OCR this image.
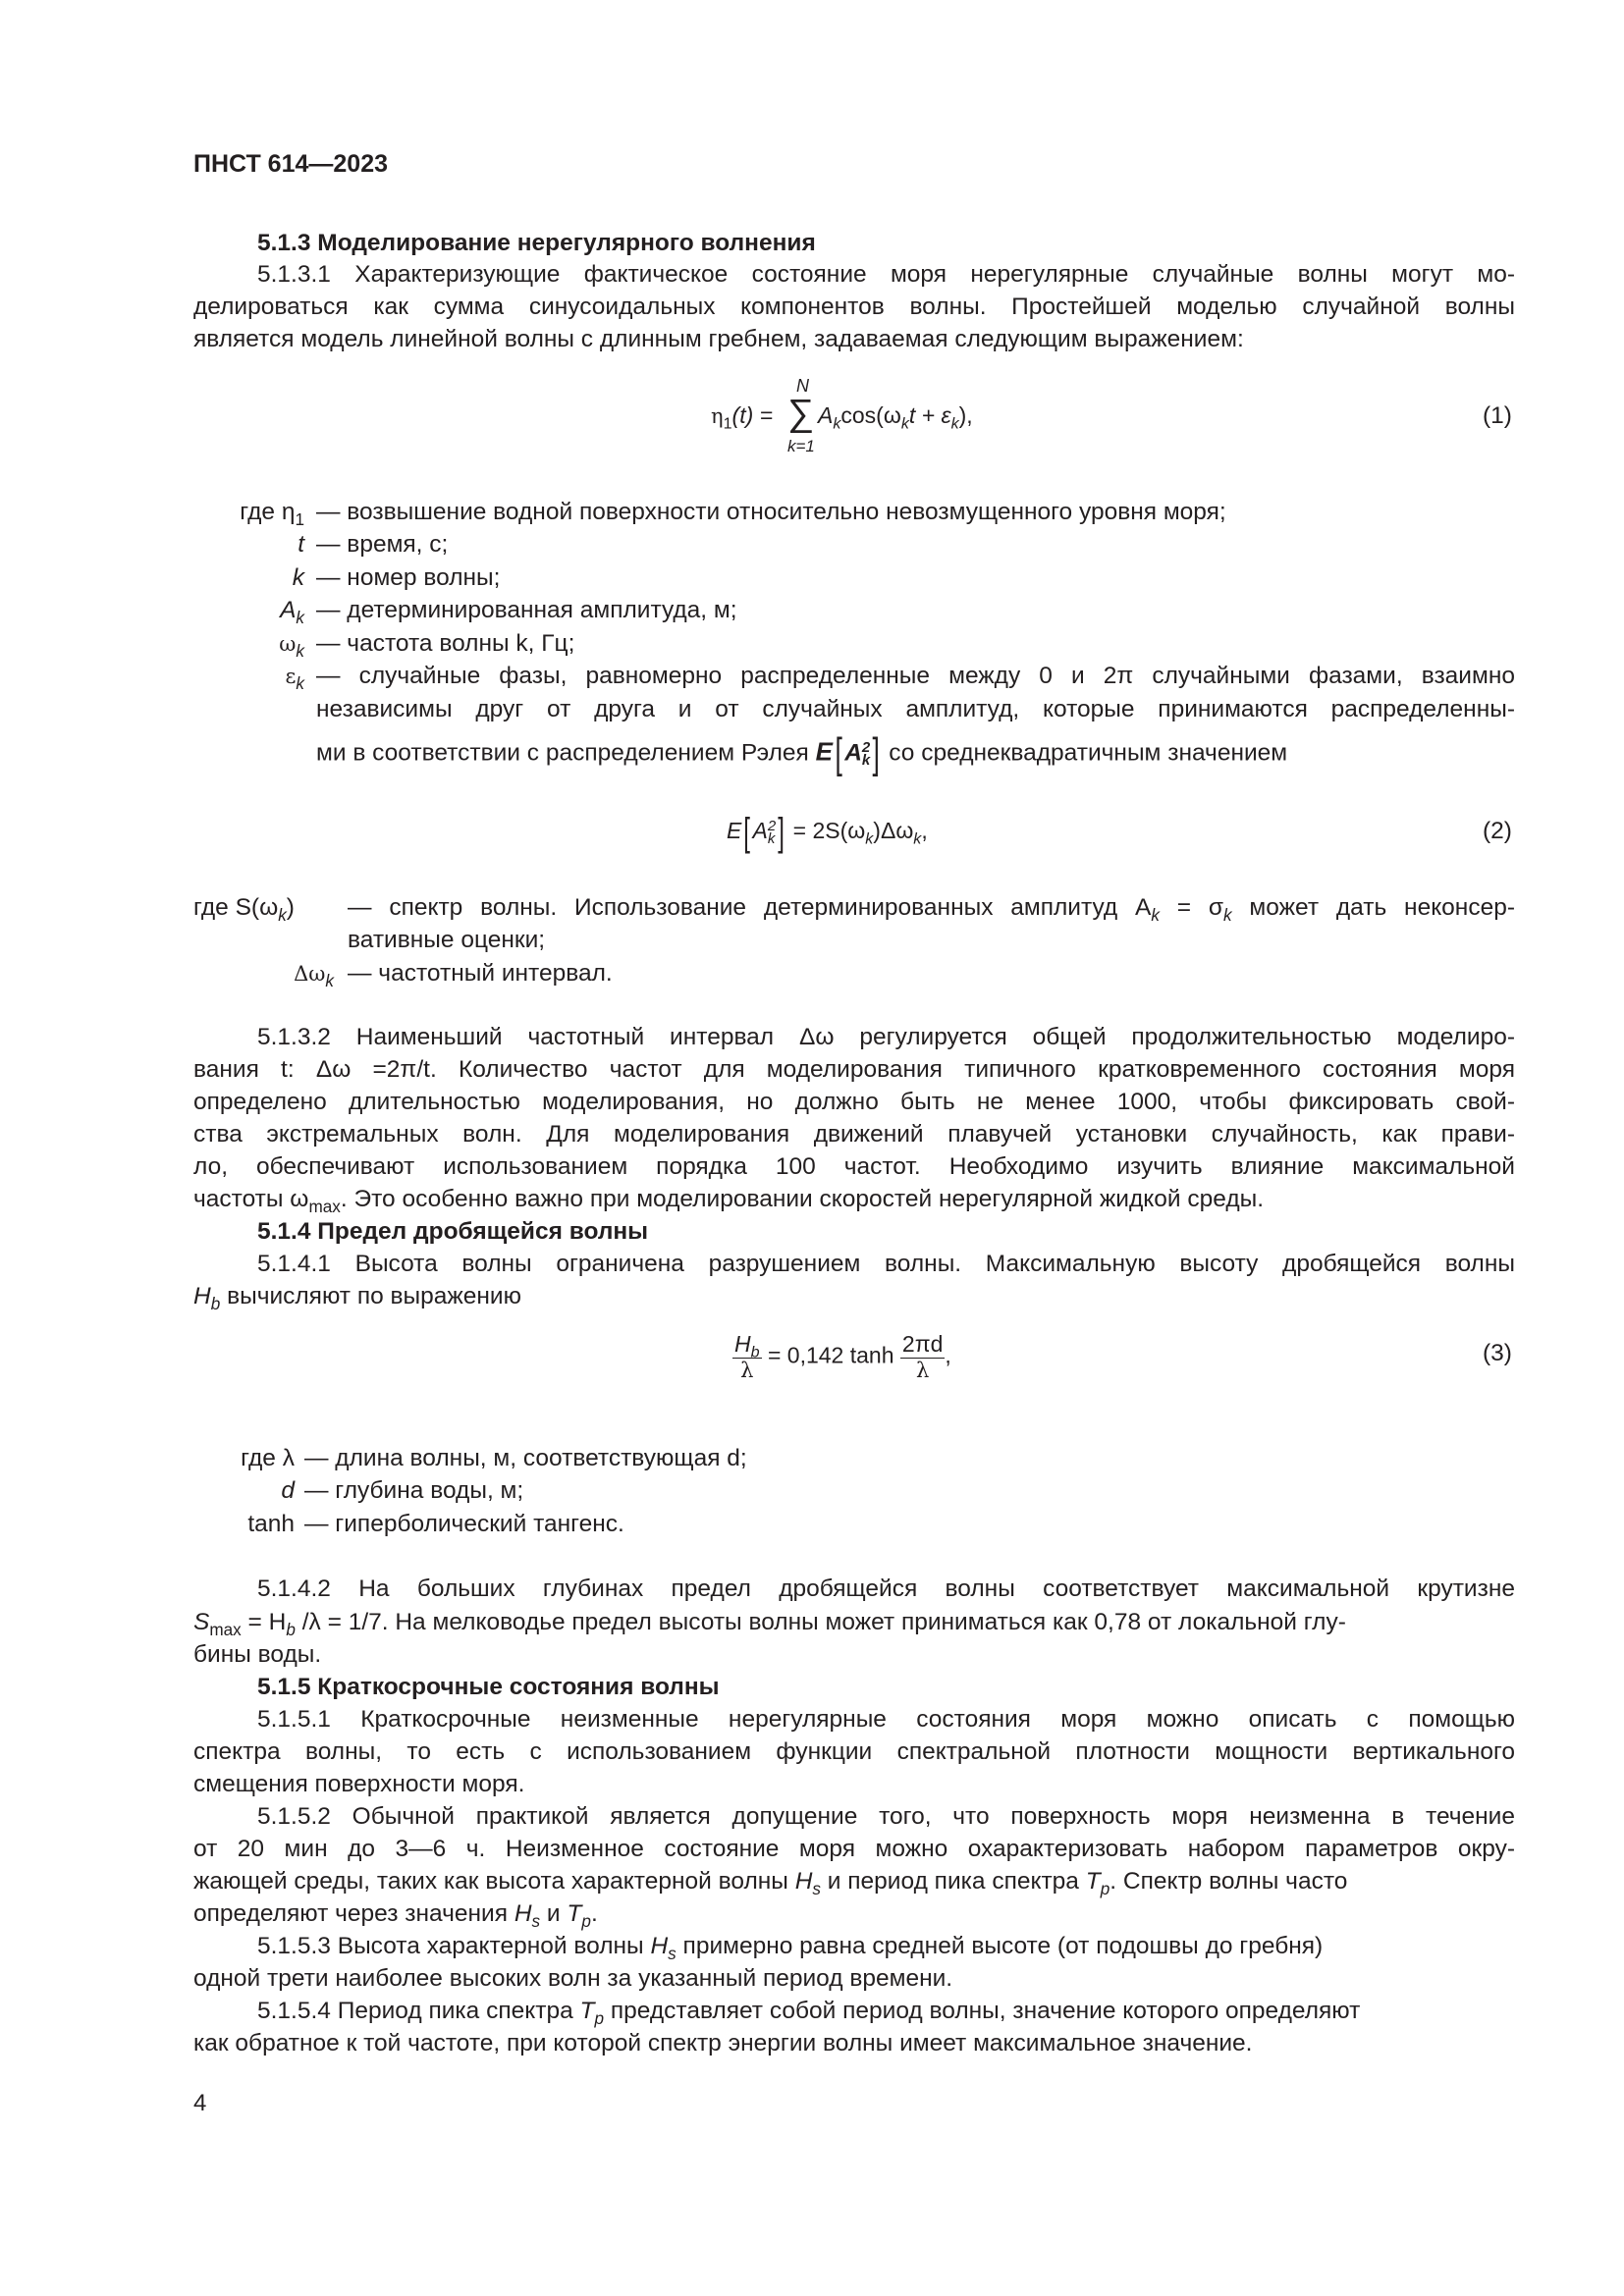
ПНСТ 614—2023
5.1.3 Моделирование нерегулярного волнения
5.1.3.1 Характеризующие фактическое состояние моря нерегулярные случайные волны могут мо-
делироваться как сумма синусоидальных компонентов волны. Простейшей моделью случайной волны
является модель линейной волны с длинным гребнем, задаваемая следующим выражением:
$\eta_1(t)$ =
N
∑
k=1
$A_k\cos(\omega_kt + \varepsilon_k)$,	(1)
где $\eta_1$ — возвышение водной поверхности относительно невозмущенного уровня моря;
t — время, с;
k — номер волны;
$A_k$ — детерминированная амплитуда, м;
$\omega_k$ — частота волны k, Гц;
$\varepsilon_k$ — случайные фазы, равномерно распределенные между 0 и 2π случайными фазами, взаимно
независимы друг от друга и от случайных амплитуд, которые принимаются распределенны-
ми в соответствии с распределением Рэлея E[A 2
k ] со среднеквадратичным значением
E[A 2
k ] = $2S(\omega_k)\Delta\omega_k$,	(2)
где $S(\omega_k)$ — спектр волны. Использование детерминированных амплитуд $A_k = \sigma_k$ может дать неконсер-
вативные оценки;
$\Delta\omega_k$ — частотный интервал.
5.1.3.2 Наименьший частотный интервал Δω регулируется общей продолжительностью моделиро-
вания t: Δω =2π/t. Количество частот для моделирования типичного кратковременного состояния моря
определено длительностью моделирования, но должно быть не менее 1000, чтобы фиксировать свой-
ства экстремальных волн. Для моделирования движений плавучей установки случайность, как прави-
ло, обеспечивают использованием порядка 100 частот. Необходимо изучить влияние максимальной
частоты $\omega_{max}$. Это особенно важно при моделировании скоростей нерегулярной жидкой среды.
5.1.4 Предел дробящейся волны
5.1.4.1 Высота волны ограничена разрушением волны. Максимальную высоту дробящейся волны
$H_b$ вычисляют по выражению
$\frac{H_b}{\lambda} = 0,142$ $\tanh \frac{2\pi d}{\lambda}$ ,	(3)
где λ — длина волны, м, соответствующая d;
d — глубина воды, м;
tanh — гиперболический тангенс.
5.1.4.2 На больших глубинах предел дробящейся волны соответствует максимальной крутизне
$S_{max} = H_b$ /λ = 1/7. На мелководье предел высоты волны может приниматься как 0,78 от локальной глу-
бины воды.
5.1.5 Краткосрочные состояния волны
5.1.5.1 Краткосрочные неизменные нерегулярные состояния моря можно описать с помощью
спектра волны, то есть с использованием функции спектральной плотности мощности вертикального
смещения поверхности моря.
5.1.5.2 Обычной практикой является допущение того, что поверхность моря неизменна в течение
от 20 мин до 3—6 ч. Неизменное состояние моря можно охарактеризовать набором параметров окру-
жающей среды, таких как высота характерной волны $H_s$ и период пика спектра $T_p$. Спектр волны часто
определяют через значения $H_s$ и $T_p$.
5.1.5.3 Высота характерной волны $H_s$ примерно равна средней высоте (от подошвы до гребня)
одной трети наиболее высоких волн за указанный период времени.
5.1.5.4 Период пика спектра $T_p$ представляет собой период волны, значение которого определяют
как обратное к той частоте, при которой спектр энергии волны имеет максимальное значение.
4
